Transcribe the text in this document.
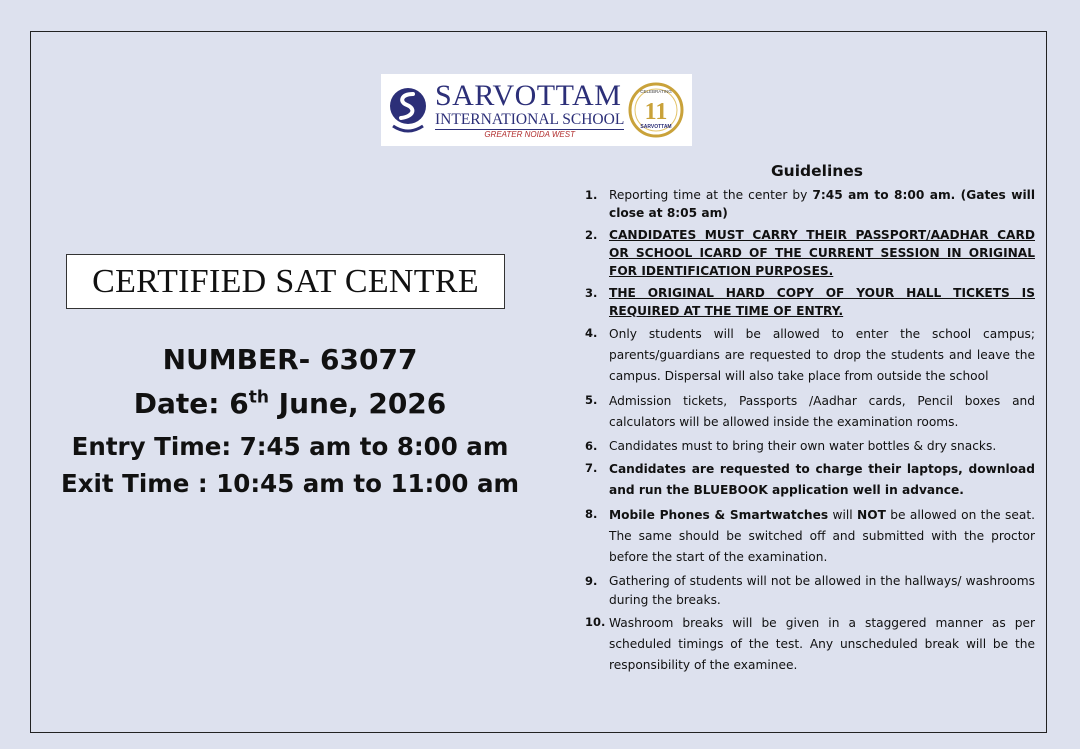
SARVOTTAM
INTERNATIONAL SCHOOL
GREATER NOIDA WEST
CELEBRATING
11
SARVOTTAM
CERTIFIED SAT CENTRE
NUMBER- 63077
Date: 6th June, 2026
Entry Time: 7:45 am to 8:00 am
Exit Time : 10:45 am to 11:00 am
Guidelines
1. Reporting time at the center by 7:45 am to 8:00 am. (Gates will close at 8:05 am)
2. CANDIDATES MUST CARRY THEIR PASSPORT/AADHAR CARD OR SCHOOL ICARD OF THE CURRENT SESSION IN ORIGINAL FOR IDENTIFICATION PURPOSES.
3. THE ORIGINAL HARD COPY OF YOUR HALL TICKETS IS REQUIRED AT THE TIME OF ENTRY.
4. Only students will be allowed to enter the school campus; parents/guardians are requested to drop the students and leave the campus. Dispersal will also take place from outside the school
5. Admission tickets, Passports /Aadhar cards, Pencil boxes and calculators will be allowed inside the examination rooms.
6. Candidates must to bring their own water bottles & dry snacks.
7. Candidates are requested to charge their laptops, download and run the BLUEBOOK application well in advance.
8. Mobile Phones & Smartwatches will NOT be allowed on the seat. The same should be switched off and submitted with the proctor before the start of the examination.
9. Gathering of students will not be allowed in the hallways/ washrooms during the breaks.
10. Washroom breaks will be given in a staggered manner as per scheduled timings of the test. Any unscheduled break will be the responsibility of the examinee.
